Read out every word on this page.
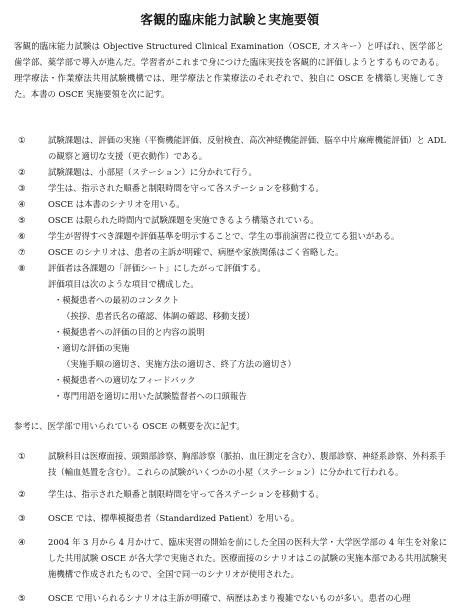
客観的臨床能力試験と実施要領
客観的臨床能力試験は Objective Structured Clinical Examination（OSCE, オスキー）と呼ばれ、医学部と歯学部、薬学部で導入が進んだ。学習者がこれまで身につけた臨床実技を客観的に評価しようとするものである。理学療法・作業療法共用試験機構では、理学療法と作業療法のそれぞれで、独自に OSCE を構築し実施してきた。本書の OSCE 実施要領を次に記す。
①	試験課題は、評価の実施（平衡機能評価、反射検査、高次神経機能評価、脳卒中片麻痺機能評価）と ADL の観察と適切な支援（更衣動作）である。
②	試験課題は、小部屋（ステーション）に分かれて行う。
③	学生は、指示された順番と制限時間を守って各ステーションを移動する。
④	OSCE は本書のシナリオを用いる。
⑤	OSCE は限られた時間内で試験課題を実施できるよう構築されている。
⑥	学生が習得すべき課題や評価基準を明示することで、学生の事前演習に役立てる狙いがある。
⑦	OSCE のシナリオは、患者の主訴が明確で、病歴や家族関係はごく省略した。
⑧	評価者は各課題の「評価シート」にしたがって評価する。
評価項目は次のような項目で構成した。
・模擬患者への最初のコンタクト
（挨拶、患者氏名の確認、体調の確認、移動支援）
・模擬患者への評価の目的と内容の説明
・適切な評価の実施
（実施手順の適切さ、実施方法の適切さ、終了方法の適切さ）
・模擬患者への適切なフィードバック
・専門用語を適切に用いた試験監督者への口頭報告
参考に、医学部で用いられている OSCE の概要を次に記す。
①	試験科目は医療面接、頭頸部診察、胸部診察（脈拍、血圧測定を含む）、腹部診察、神経系診察、外科系手技（輸血処置を含む）。これらの試験がいくつかの小屋（ステーション）に分かれて行われる。
②	学生は、指示された順番と制限時間を守って各ステーションを移動する。
③	OSCE では、標準模擬患者（Standardized Patient）を用いる。
④	2004 年 3 月から 4 月かけて、臨床実習の開始を前にした全国の医科大学・大学医学部の 4 年生を対象にした共用試験 OSCE が各大学で実施された。医療面接のシナリオはこの試験の実施本部である共用試験実施機構で作成されたもので、全国で同一のシナリオが使用された。
⑤	OSCE で用いられるシナリオは主訴が明確で、病歴はあまり複雑でないものが多い。患者の心理
